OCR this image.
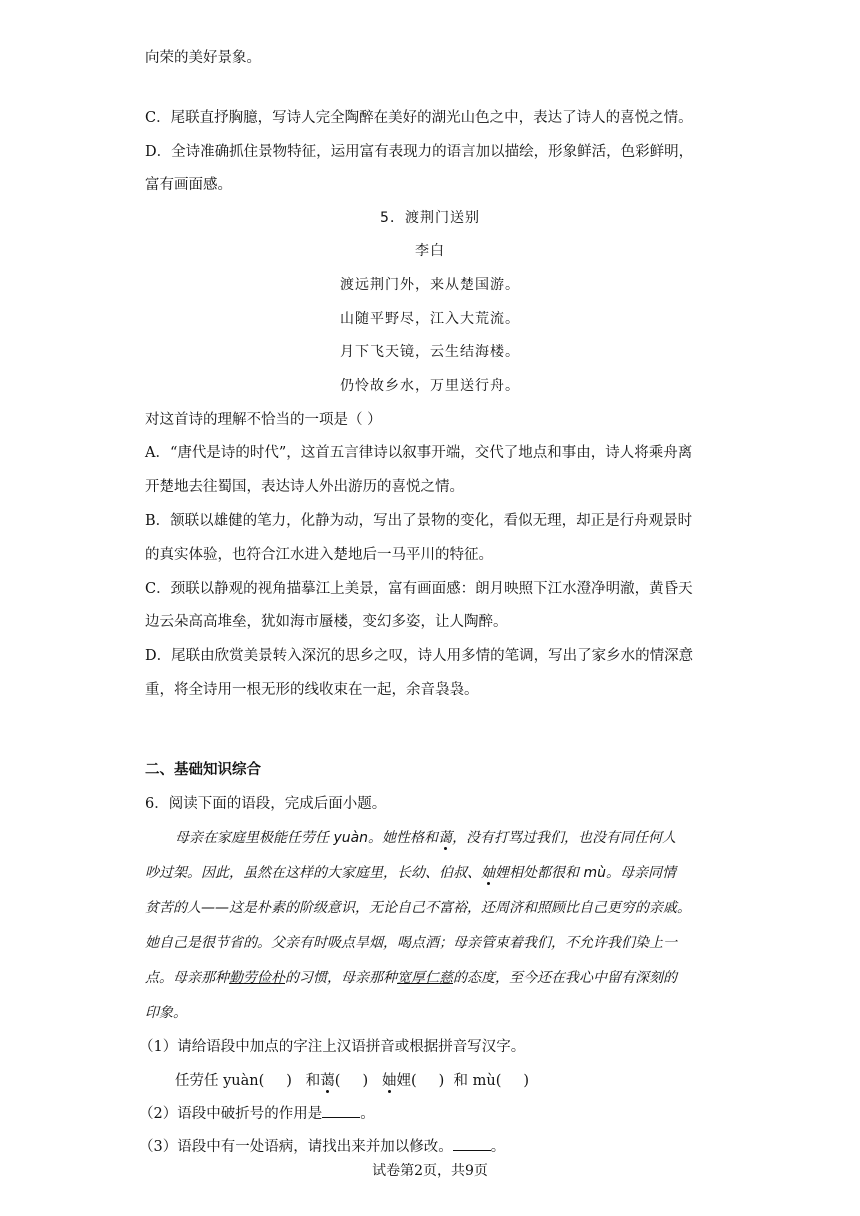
向荣的美好景象。
C．尾联直抒胸臆，写诗人完全陶醉在美好的湖光山色之中，表达了诗人的喜悦之情。
D．全诗准确抓住景物特征，运用富有表现力的语言加以描绘，形象鲜活，色彩鲜明，
富有画面感。
5．渡荆门送别
李白
渡远荆门外，来从楚国游。
山随平野尽，江入大荒流。
月下飞天镜，云生结海楼。
仍怜故乡水，万里送行舟。
对这首诗的理解不恰当的一项是（ ）
A．“唐代是诗的时代”，这首五言律诗以叙事开端，交代了地点和事由，诗人将乘舟离
开楚地去往蜀国，表达诗人外出游历的喜悦之情。
B．颔联以雄健的笔力，化静为动，写出了景物的变化，看似无理，却正是行舟观景时
的真实体验，也符合江水进入楚地后一马平川的特征。
C．颈联以静观的视角描摹江上美景，富有画面感：朗月映照下江水澄净明澈，黄昏天
边云朵高高堆垒，犹如海市蜃楼，变幻多姿，让人陶醉。
D．尾联由欣赏美景转入深沉的思乡之叹，诗人用多情的笔调，写出了家乡水的情深意
重，将全诗用一根无形的线收束在一起，余音袅袅。
二、基础知识综合
6．阅读下面的语段，完成后面小题。
母亲在家庭里极能任劳任 yuàn。她性格和蔼，没有打骂过我们，也没有同任何人
吵过架。因此，虽然在这样的大家庭里，长幼、伯叔、妯娌相处都很和 mù。母亲同情
贫苦的人——这是朴素的阶级意识，无论自己不富裕，还周济和照顾比自己更穷的亲戚。
她自己是很节省的。父亲有时吸点旱烟，喝点酒；母亲管束着我们，不允许我们染上一
点。母亲那种勤劳俭朴的习惯，母亲那种宽厚仁慈的态度，至今还在我心中留有深刻的
印象。
（1）请给语段中加点的字注上汉语拼音或根据拼音写汉字。
任劳任 yuàn( ) 和蔼( ) 妯娌( ) 和 mù( )
（2）语段中破折号的作用是	。
（3）语段中有一处语病，请找出来并加以修改。	。
试卷第2页，共9页
